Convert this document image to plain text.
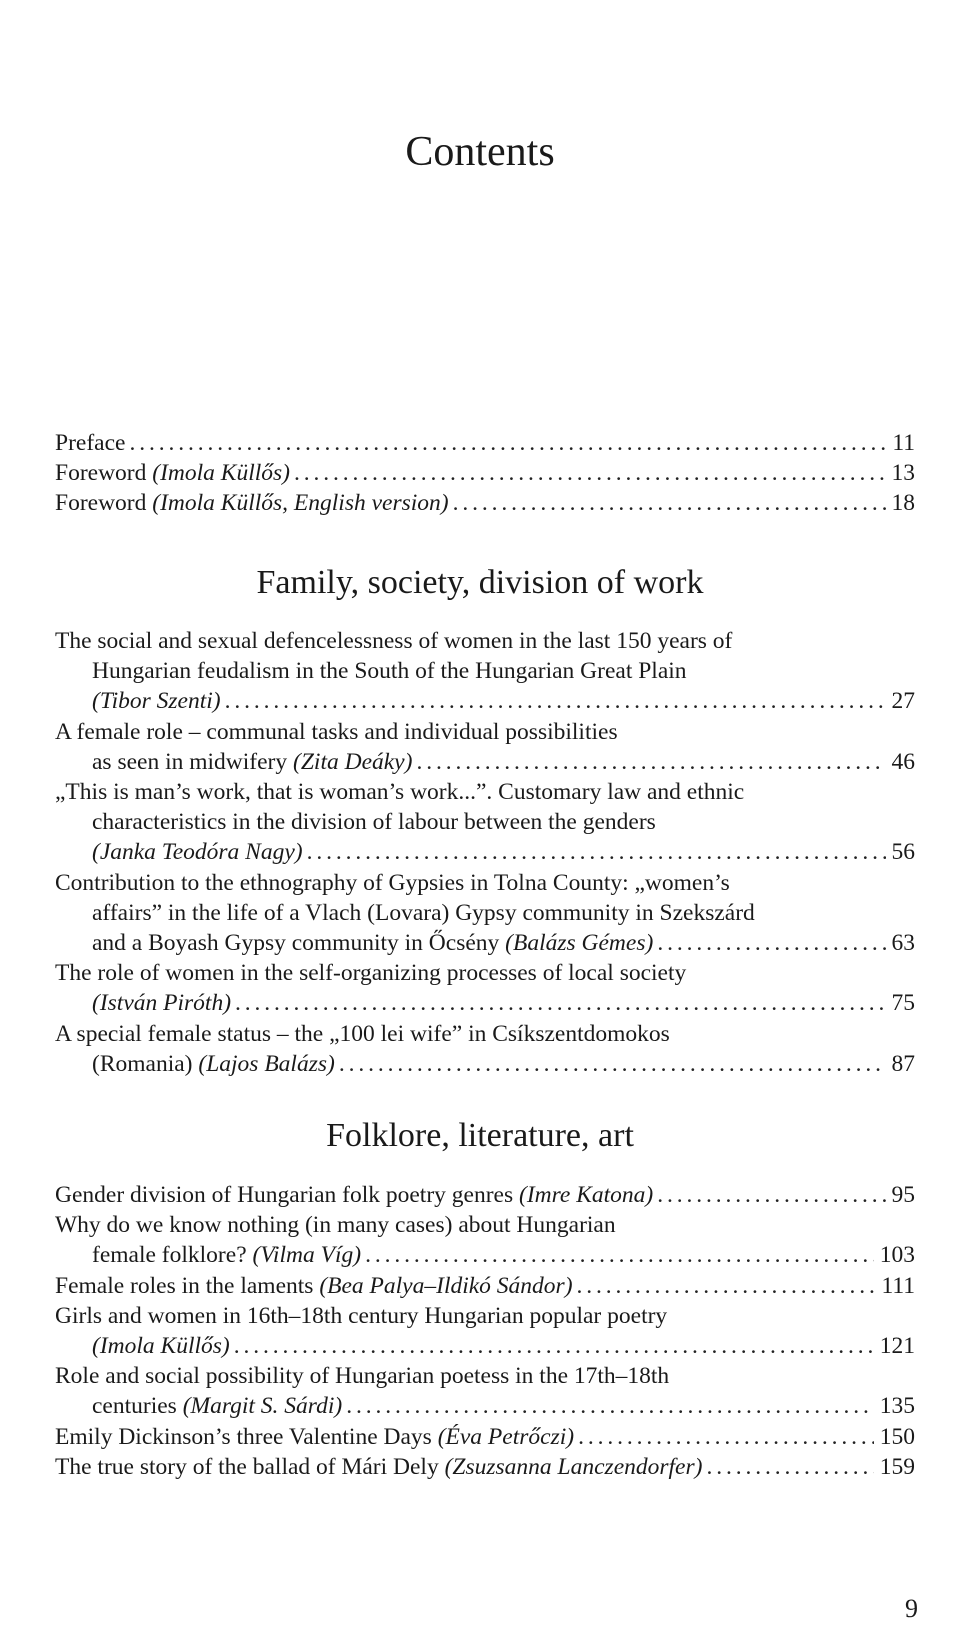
Contents
Preface . . .	11
Foreword (Imola Küllős) . . .	13
Foreword (Imola Küllős, English version) . . .	18
Family, society, division of work
The social and sexual defencelessness of women in the last 150 years of
Hungarian feudalism in the South of the Hungarian Great Plain
(Tibor Szenti) . . .	27
A female role – communal tasks and individual possibilities
as seen in midwifery (Zita Deáky) . . .	46
„This is man’s work, that is woman’s work...”. Customary law and ethnic
characteristics in the division of labour between the genders
(Janka Teodóra Nagy) . . .	56
Contribution to the ethnography of Gypsies in Tolna County: „women’s
affairs” in the life of a Vlach (Lovara) Gypsy community in Szekszárd
and a Boyash Gypsy community in Őcsény (Balázs Gémes) . . .	63
The role of women in the self-organizing processes of local society
(István Piróth) . . .	75
A special female status – the „100 lei wife” in Csíkszentdomokos
(Romania) (Lajos Balázs) . . .	87
Folklore, literature, art
Gender division of Hungarian folk poetry genres (Imre Katona) . . .	95
Why do we know nothing (in many cases) about Hungarian
female folklore? (Vilma Víg) . . .	103
Female roles in the laments (Bea Palya–Ildikó Sándor) . . .	111
Girls and women in 16th–18th century Hungarian popular poetry
(Imola Küllős) . . .	121
Role and social possibility of Hungarian poetess in the 17th–18th
centuries (Margit S. Sárdi) . . .	135
Emily Dickinson’s three Valentine Days (Éva Petrőczi) . . .	150
The true story of the ballad of Mári Dely (Zsuzsanna Lanczendorfer) . . .	159
9
